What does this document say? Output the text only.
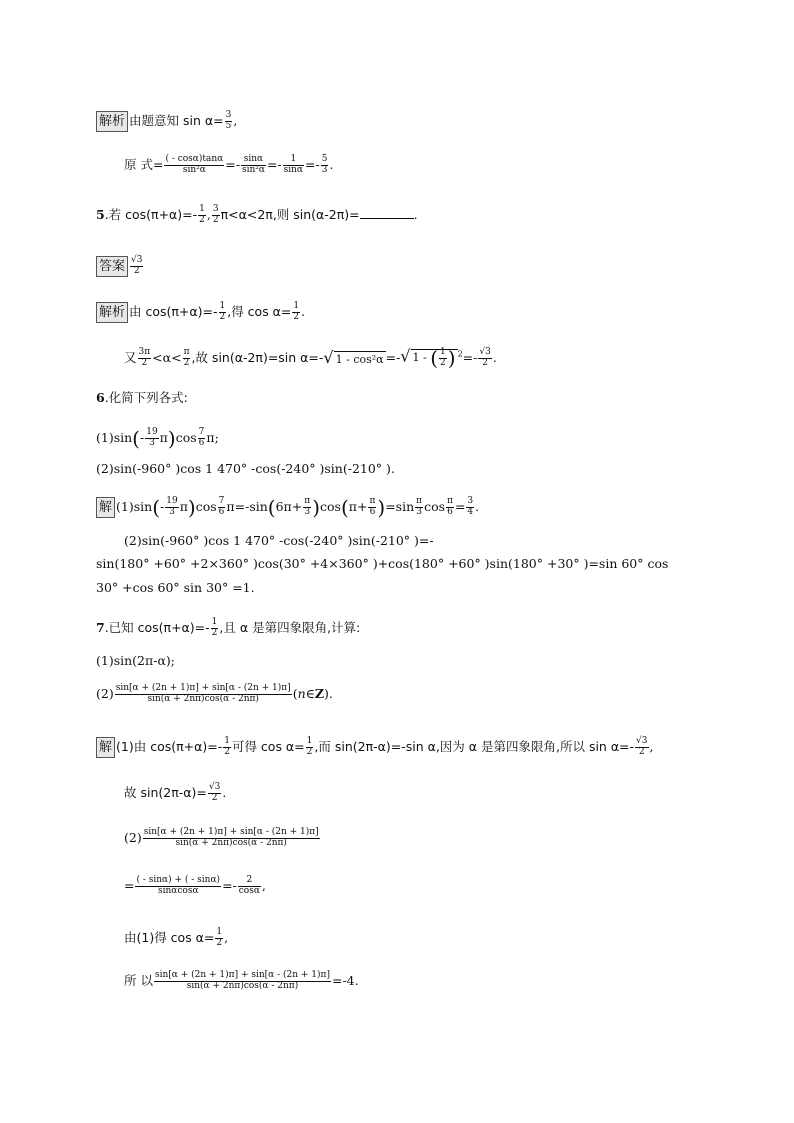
解析 由题意知 $\sin \alpha= \frac{3}{5}$ ,
原 式= $\frac{( - \cos\alpha)\tan\alpha}{\text{sin²α}} =- \frac{\sin\alpha}{\text{sin²α}} =- \frac{1}{\sin\alpha} =- \frac{5}{3}$ .
5.若 $\cos(\pi+\alpha)=- \frac{1}{2}$ , $\frac{3}{2} \pi<\alpha<2\pi$,则 sin(α-2π)=	.
答案 $\frac{√3}{2}$
解析 由 $\cos(\pi+\alpha)=- \frac{1}{2}$ ,得 $\cos \alpha= \frac{1}{2}$ .
又 $\frac{3\pi}{2} <\alpha< \frac{\pi}{2}$ ,故 sin(α-2π)=sin α=-√ 1 - cos²α =-√ 1 - ( $\frac{1}{2}$ ) $^2=- \frac{√3}{2}$ .
6.化简下列各式:
$(1)\sin(- \frac{19}{3} \pi)\cos \frac{7}{6} \pi$;
(2)sin(-960° )cos 1 470° -cos(-240° )sin(-210° ).
解 $(1)\sin(- \frac{19}{3} \pi)\cos \frac{7}{6} \pi=-\sin(6\pi+ \frac{\pi}{3} )\cos(\pi+ \frac{\pi}{6} )=\sin \frac{\pi}{3}$ $\cos \frac{\pi}{6} = \frac{3}{4}$ .
(2)sin(-960° )cos 1 470° -cos(-240° )sin(-210° )=-
sin(180° +60° +2×360° )cos(30° +4×360° )+cos(180° +60° )sin(180° +30° )=sin 60° cos
30° +cos 60° sin 30° =1.
7.已知 $\cos(\pi+\alpha)=- \frac{1}{2}$ ,且 α 是第四象限角,计算:
(1)sin(2π-α);
$(2) \frac{\sin[\alpha + (2n + 1)\pi] + \sin[\alpha - (2n + 1)\pi]}{\sin(\alpha + 2n\pi)\cos(\alpha - 2n\pi)}$ (n∈Z).
解 (1)由 $\cos(\pi+\alpha)=- \frac{1}{2}$ 可得 $\cos \alpha= \frac{1}{2}$ ,而 sin(2π-α)=-sin α,因为 α 是第四象限角,所以 $\sin \alpha=- \frac{√3}{2}$ ,
故 $\sin(2\pi-\alpha)= \frac{√3}{2}$ .
$(2) \frac{\sin[\alpha + (2n + 1)\pi] + \sin[\alpha - (2n + 1)\pi]}{\sin(\alpha + 2n\pi)\cos(\alpha - 2n\pi)}$
= $\frac{( - \sin\alpha) + ( - \sin\alpha)}{\sin\alpha\cos\alpha} =- \frac{2}{\cos\alpha}$ ,
由(1)得 $\cos \alpha= \frac{1}{2}$ ,
所 以 $\frac{\sin[\alpha + (2n + 1)\pi] + \sin[\alpha - (2n + 1)\pi]}{\sin(\alpha + 2n\pi)\cos(\alpha - 2n\pi)} =-4$.
